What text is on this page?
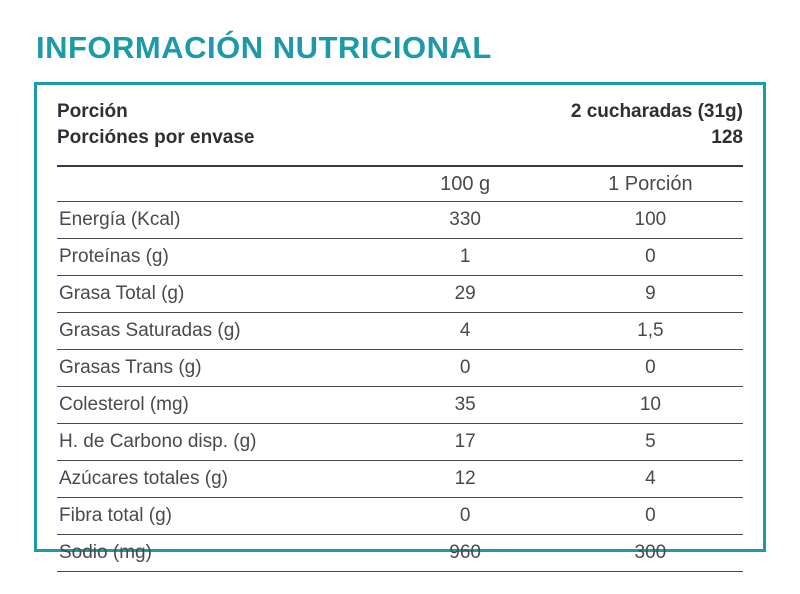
INFORMACIÓN NUTRICIONAL
Porción	2 cucharadas (31g)	
Porciónes por envase	128	

	100 g	1 Porción
Energía (Kcal)	330	100
Proteínas (g)	1	0
Grasa Total (g)	29	9
Grasas Saturadas (g)	4	1,5
Grasas Trans (g)	0	0
Colesterol (mg)	35	10
H. de Carbono disp. (g)	17	5
Azúcares totales (g)	12	4
Fibra total (g)	0	0
Sodio (mg)	960	300
